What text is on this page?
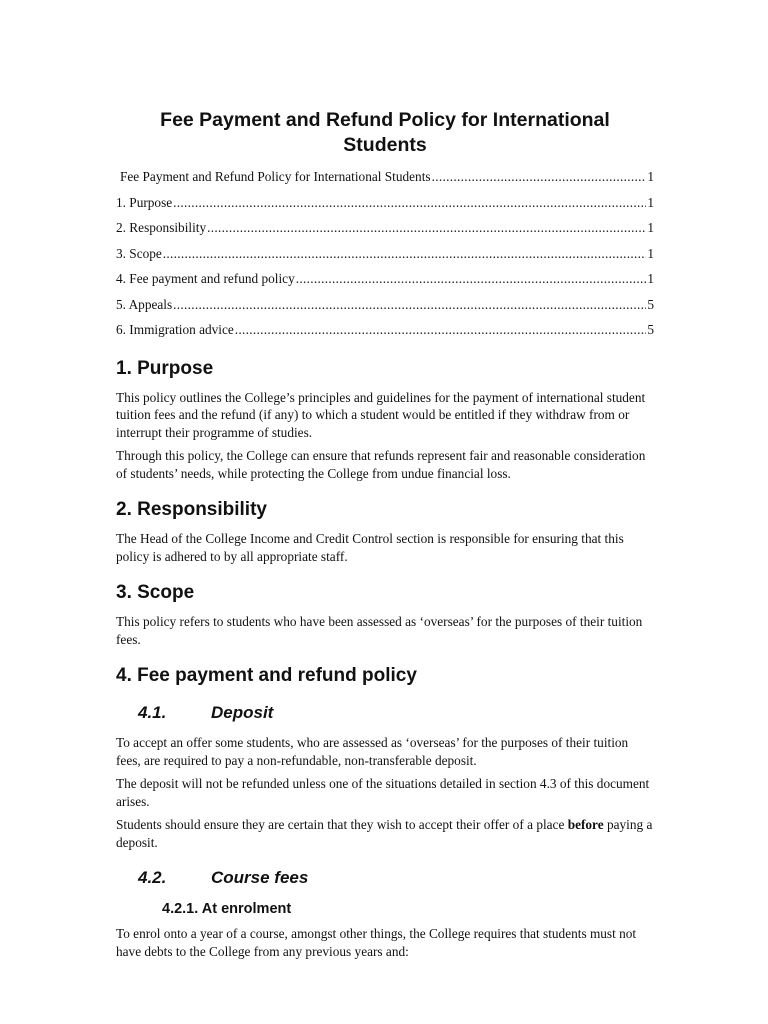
Fee Payment and Refund Policy for International Students
Fee Payment and Refund Policy for International Students .....	1
1. Purpose .....	1
2. Responsibility .....	1
3. Scope .....	1
4. Fee payment and refund policy .....	1
5. Appeals .....	5
6. Immigration advice .....	5
1. Purpose

This policy outlines the College’s principles and guidelines for the payment of international student tuition fees and the refund (if any) to which a student would be entitled if they withdraw from or interrupt their programme of studies.

Through this policy, the College can ensure that refunds represent fair and reasonable consideration of students’ needs, while protecting the College from undue financial loss.

2. Responsibility

The Head of the College Income and Credit Control section is responsible for ensuring that this policy is adhered to by all appropriate staff.

3. Scope

This policy refers to students who have been assessed as ‘overseas’ for the purposes of their tuition fees.

4. Fee payment and refund policy
4.1.	Deposit

To accept an offer some students, who are assessed as ‘overseas’ for the purposes of their tuition fees, are required to pay a non-refundable, non-transferable deposit.

The deposit will not be refunded unless one of the situations detailed in section 4.3 of this document arises.

Students should ensure they are certain that they wish to accept their offer of a place before paying a deposit.

4.2.	Course fees
4.2.1. At enrolment

To enrol onto a year of a course, amongst other things, the College requires that students must not have debts to the College from any previous years and:
